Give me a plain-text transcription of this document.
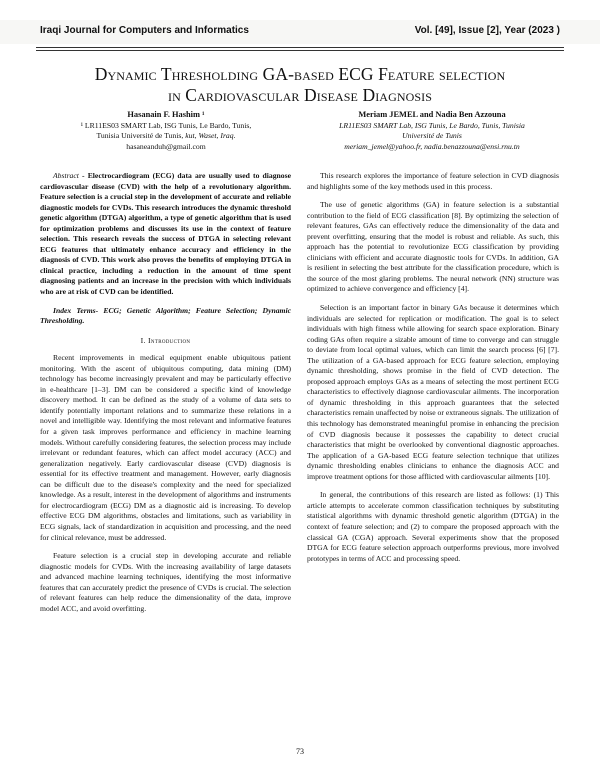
Iraqi Journal for Computers and Informatics	Vol. [49], Issue [2], Year (2023 )
Dynamic Thresholding GA-based ECG Feature selection
in Cardiovascular Disease Diagnosis
Hasanain F. Hashim ¹
¹ LR11ES03 SMART Lab, ISG Tunis, Le Bardo, Tunis,
Tunisia Université de Tunis, kut, Waset, Iraq.
hasaneanduh@gmail.com
Meriam JEMEL and Nadia Ben Azzouna
LR11ES03 SMART Lab, ISG Tunis, Le Bardo, Tunis, Tunisia
Université de Tunis
meriam_jemel@yahoo.fr, nadia.benazzouna@ensi.rnu.tn

Abstract - Electrocardiogram (ECG) data are usually used to diagnose cardiovascular disease (CVD) with the help of a revolutionary algorithm. Feature selection is a crucial step in the development of accurate and reliable diagnostic models for CVDs. This research introduces the dynamic threshold genetic algorithm (DTGA) algorithm, a type of genetic algorithm that is used for optimization problems and discusses its use in the context of feature selection. This research reveals the success of DTGA in selecting relevant ECG features that ultimately enhance accuracy and efficiency in the diagnosis of CVD. This work also proves the benefits of employing DTGA in clinical practice, including a reduction in the amount of time spent diagnosing patients and an increase in the precision with which individuals who are at risk of CVD can be identified.

Index Terms- ECG; Genetic Algorithm; Feature Selection; Dynamic Thresholding.

I. Introduction

Recent improvements in medical equipment enable ubiquitous patient monitoring. With the ascent of ubiquitous computing, data mining (DM) technology has become increasingly prevalent and may be particularly effective in e-healthcare [1–3]. DM can be considered a specific kind of knowledge discovery method. It can be defined as the study of a volume of data sets to identify potentially important relations and to summarize these relations in a novel and intelligible way. Identifying the most relevant and informative features for a given task improves performance and efficiency in machine learning models. Without carefully considering features, the selection process may include irrelevant or redundant features, which can affect model accuracy (ACC) and generalization negatively. Early cardiovascular disease (CVD) diagnosis is essential for its effective treatment and management. However, early diagnosis can be difficult due to the disease's complexity and the need for specialized knowledge. As a result, interest in the development of algorithms and instruments for electrocardiogram (ECG) DM as a diagnostic aid is increasing. To develop effective ECG DM algorithms, obstacles and limitations, such as variability in ECG signals, lack of standardization in acquisition and processing, and the need for clinical relevance, must be addressed.

Feature selection is a crucial step in developing accurate and reliable diagnostic models for CVDs. With the increasing availability of large datasets and advanced machine learning techniques, identifying the most informative features that can accurately predict the presence of CVDs is crucial. The selection of relevant features can help reduce the dimensionality of the data, improve model ACC, and avoid overfitting.

This research explores the importance of feature selection in CVD diagnosis and highlights some of the key methods used in this process.

The use of genetic algorithms (GA) in feature selection is a substantial contribution to the field of ECG classification [8]. By optimizing the selection of relevant features, GAs can effectively reduce the dimensionality of the data and prevent overfitting, ensuring that the model is robust and reliable. As such, this approach has the potential to revolutionize ECG classification by providing clinicians with efficient and accurate diagnostic tools for CVDs. In addition, GA is resilient in selecting the best attribute for the classification procedure, which is the source of the most glaring problems. The neural network (NN) structure was optimized to achieve convergence and efficiency [4].

Selection is an important factor in binary GAs because it determines which individuals are selected for replication or modification. The goal is to select individuals with high fitness while allowing for search space exploration. Binary coding GAs often require a sizable amount of time to converge and can struggle to deviate from local optimal values, which can limit the search process [6] [7]. The utilization of a GA-based approach for ECG feature selection, employing dynamic thresholding, shows promise in the field of CVD detection. The proposed approach employs GAs as a means of selecting the most pertinent ECG characteristics to effectively diagnose cardiovascular ailments. The incorporation of dynamic thresholding in this approach guarantees that the selected characteristics remain unaffected by noise or extraneous signals. The utilization of this technology has demonstrated meaningful promise in enhancing the precision of CVD diagnosis because it possesses the capability to detect crucial characteristics that might be overlooked by conventional diagnostic approaches. The application of a GA-based ECG feature selection technique that utilizes dynamic thresholding enables clinicians to enhance the diagnosis ACC and improve treatment options for those afflicted with cardiovascular ailments [10].

In general, the contributions of this research are listed as follows: (1) This article attempts to accelerate common classification techniques by substituting statistical algorithms with dynamic threshold genetic algorithm (DTGA) in the context of feature selection; and (2) to compare the proposed approach with the classical GA (CGA) approach. Several experiments show that the proposed DTGA for ECG feature selection approach outperforms previous, more involved prototypes in terms of ACC and processing speed.

73
